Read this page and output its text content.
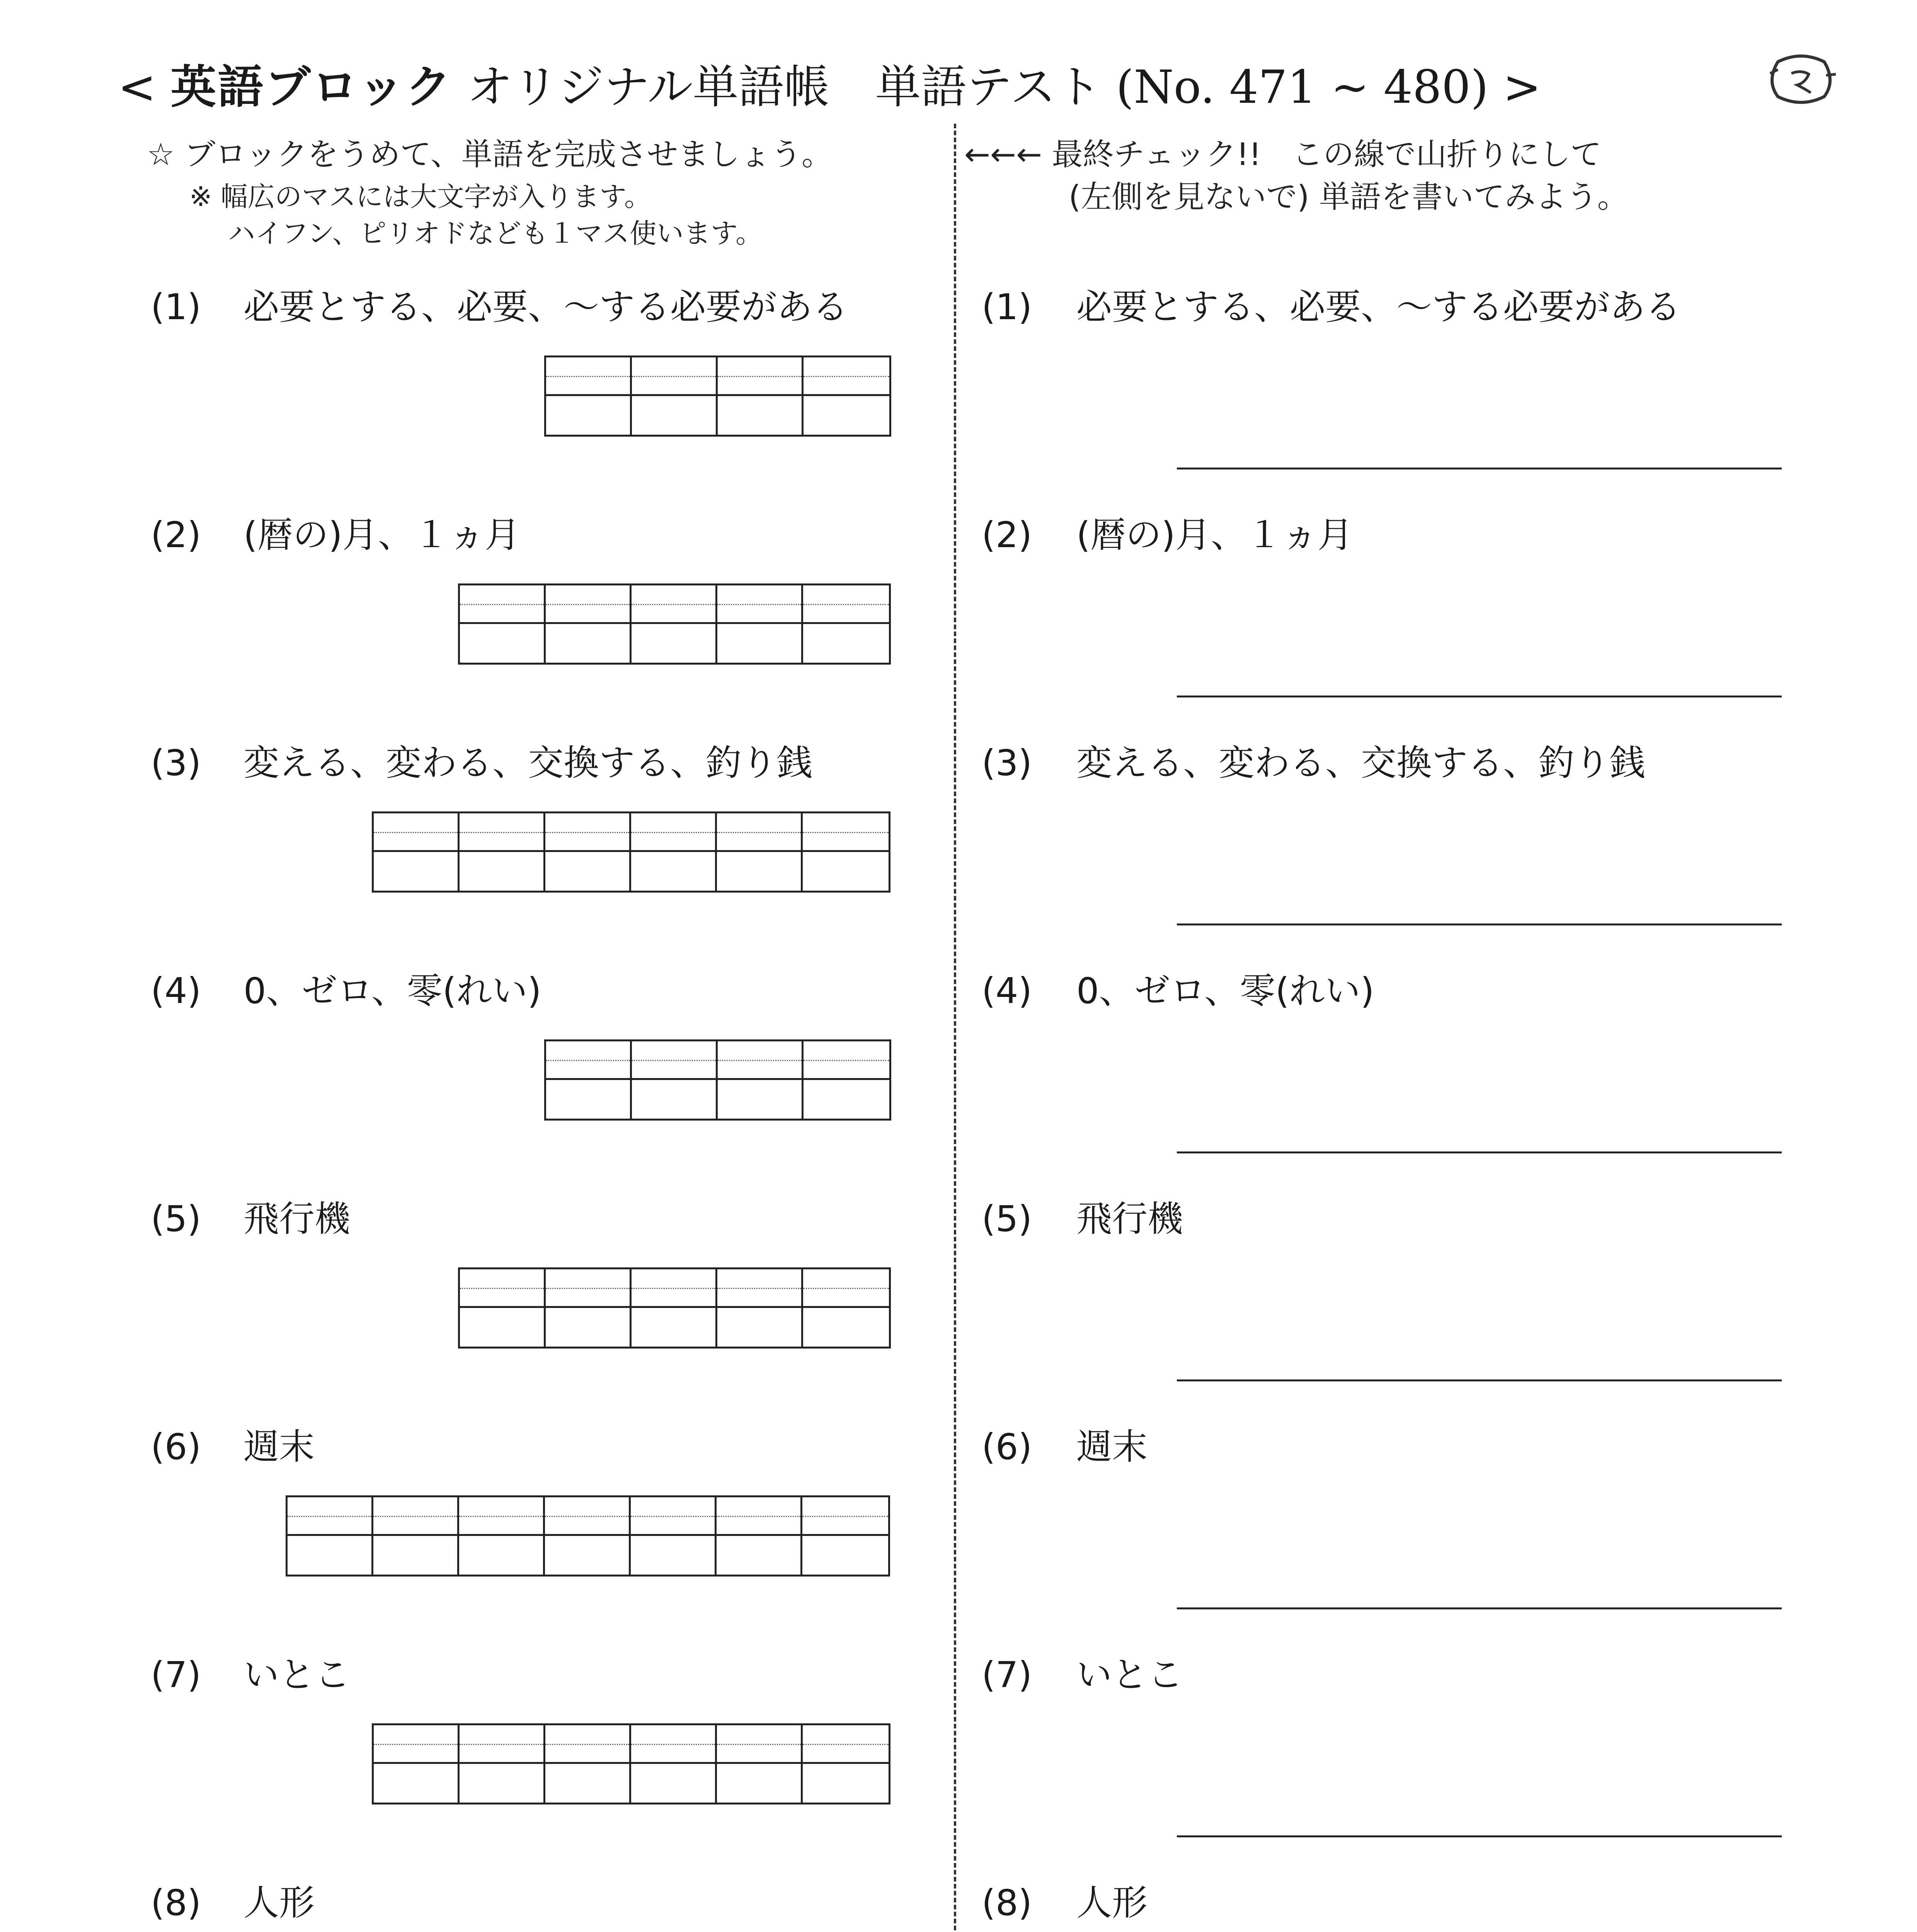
< 英語ブロック オリジナル単語帳　単語テスト (No. 471 ~ 480) >
☆ ブロックをうめて、単語を完成させましょう。
※ 幅広のマスには大文字が入ります。
ハイフン、ピリオドなども１マス使います。
←←← 最終チェック!!　この線で山折りにして
(左側を見ないで) 単語を書いてみよう。
(1) 必要とする、必要、～する必要がある	(1) 必要とする、必要、～する必要がある
(2) (暦の)月、１ヵ月	(2) (暦の)月、１ヵ月
(3) 変える、変わる、交換する、釣り銭	(3) 変える、変わる、交換する、釣り銭
(4) 0、ゼロ、零(れい)	(4) 0、ゼロ、零(れい)
(5) 飛行機	(5) 飛行機
(6) 週末	(6) 週末
(7) いとこ	(7) いとこ
(8) 人形	(8) 人形
